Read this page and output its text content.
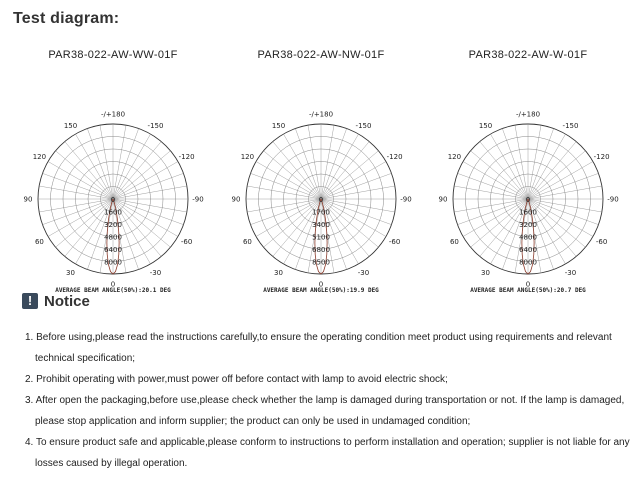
Test diagram:
PAR38-022-AW-WW-01F
-/+180
-150
150
-120
120
-90
90
-60
60
-30
30
0
0
1600
3200
4800
6400
8000
AVERAGE BEAM ANGLE(50%):20.1 DEG
PAR38-022-AW-NW-01F
-/+180
-150
150
-120
120
-90
90
-60
60
-30
30
0
0
1700
3400
5100
6800
8500
AVERAGE BEAM ANGLE(50%):19.9 DEG
PAR38-022-AW-W-01F
-/+180
-150
150
-120
120
-90
90
-60
60
-30
30
0
0
1600
3200
4800
6400
8000
AVERAGE BEAM ANGLE(50%):20.7 DEG
! Notice
1. Before using,please read the instructions carefully,to ensure the operating condition meet product using requirements and relevant
technical specification;
2. Prohibit operating with power,must power off before contact with lamp to avoid electric shock;
3. After open the packaging,before use,please check whether the lamp is damaged during transportation or not. If the lamp is damaged,
please stop application and inform supplier; the product can only be used in undamaged condition;
4. To ensure product safe and applicable,please conform to instructions to perform installation and operation; supplier is not liable for any
losses caused by illegal operation.
